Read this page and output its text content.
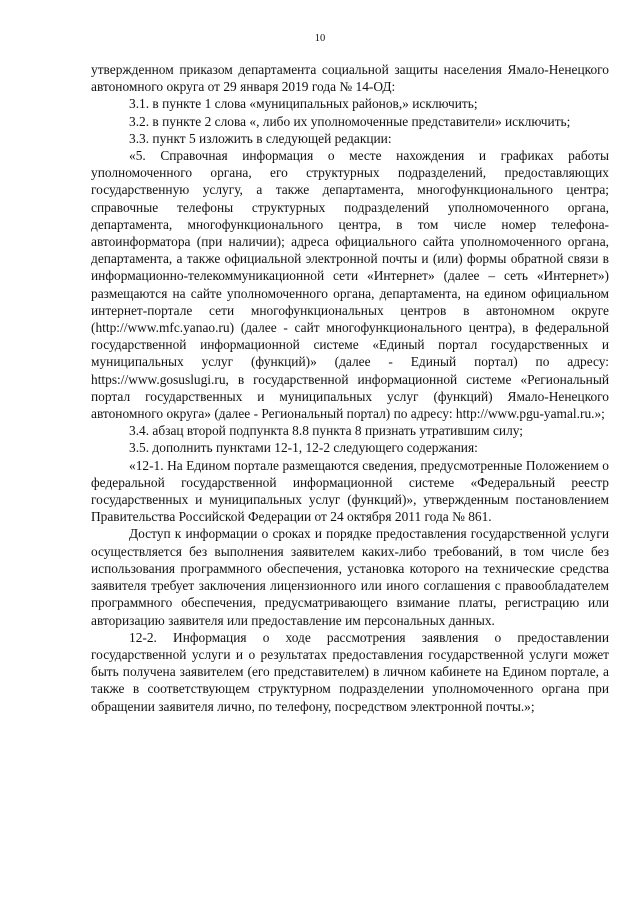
10

утвержденном приказом департамента социальной защиты населения Ямало-Ненецкого автономного округа от 29 января 2019 года № 14-ОД:

3.1. в пункте 1 слова «муниципальных районов,» исключить;

3.2. в пункте 2 слова «, либо их уполномоченные представители» исключить;

3.3. пункт 5 изложить в следующей редакции:

«5. Справочная информация о месте нахождения и графиках работы уполномоченного органа, его структурных подразделений, предоставляющих государственную услугу, а также департамента, многофункционального центра; справочные телефоны структурных подразделений уполномоченного органа, департамента, многофункционального центра, в том числе номер телефона-автоинформатора (при наличии); адреса официального сайта уполномоченного органа, департамента, а также официальной электронной почты и (или) формы обратной связи в информационно-телекоммуникационной сети «Интернет» (далее – сеть «Интернет») размещаются на сайте уполномоченного органа, департамента, на едином официальном интернет-портале сети многофункциональных центров в автономном округе (http://www.mfc.yanao.ru) (далее - сайт многофункционального центра), в федеральной государственной информационной системе «Единый портал государственных и муниципальных услуг (функций)» (далее - Единый портал) по адресу: https://www.gosuslugi.ru, в государственной информационной системе «Региональный портал государственных и муниципальных услуг (функций) Ямало-Ненецкого автономного округа» (далее - Региональный портал) по адресу: http://www.pgu-yamal.ru.»;

3.4. абзац второй подпункта 8.8 пункта 8 признать утратившим силу;

3.5. дополнить пунктами 12-1, 12-2 следующего содержания:

«12-1. На Едином портале размещаются сведения, предусмотренные Положением о федеральной государственной информационной системе «Федеральный реестр государственных и муниципальных услуг (функций)», утвержденным постановлением Правительства Российской Федерации от 24 октября 2011 года № 861.

Доступ к информации о сроках и порядке предоставления государственной услуги осуществляется без выполнения заявителем каких-либо требований, в том числе без использования программного обеспечения, установка которого на технические средства заявителя требует заключения лицензионного или иного соглашения с правообладателем программного обеспечения, предусматривающего взимание платы, регистрацию или авторизацию заявителя или предоставление им персональных данных.

12-2. Информация о ходе рассмотрения заявления о предоставлении государственной услуги и о результатах предоставления государственной услуги может быть получена заявителем (его представителем) в личном кабинете на Едином портале, а также в соответствующем структурном подразделении уполномоченного органа при обращении заявителя лично, по телефону, посредством электронной почты.»;
